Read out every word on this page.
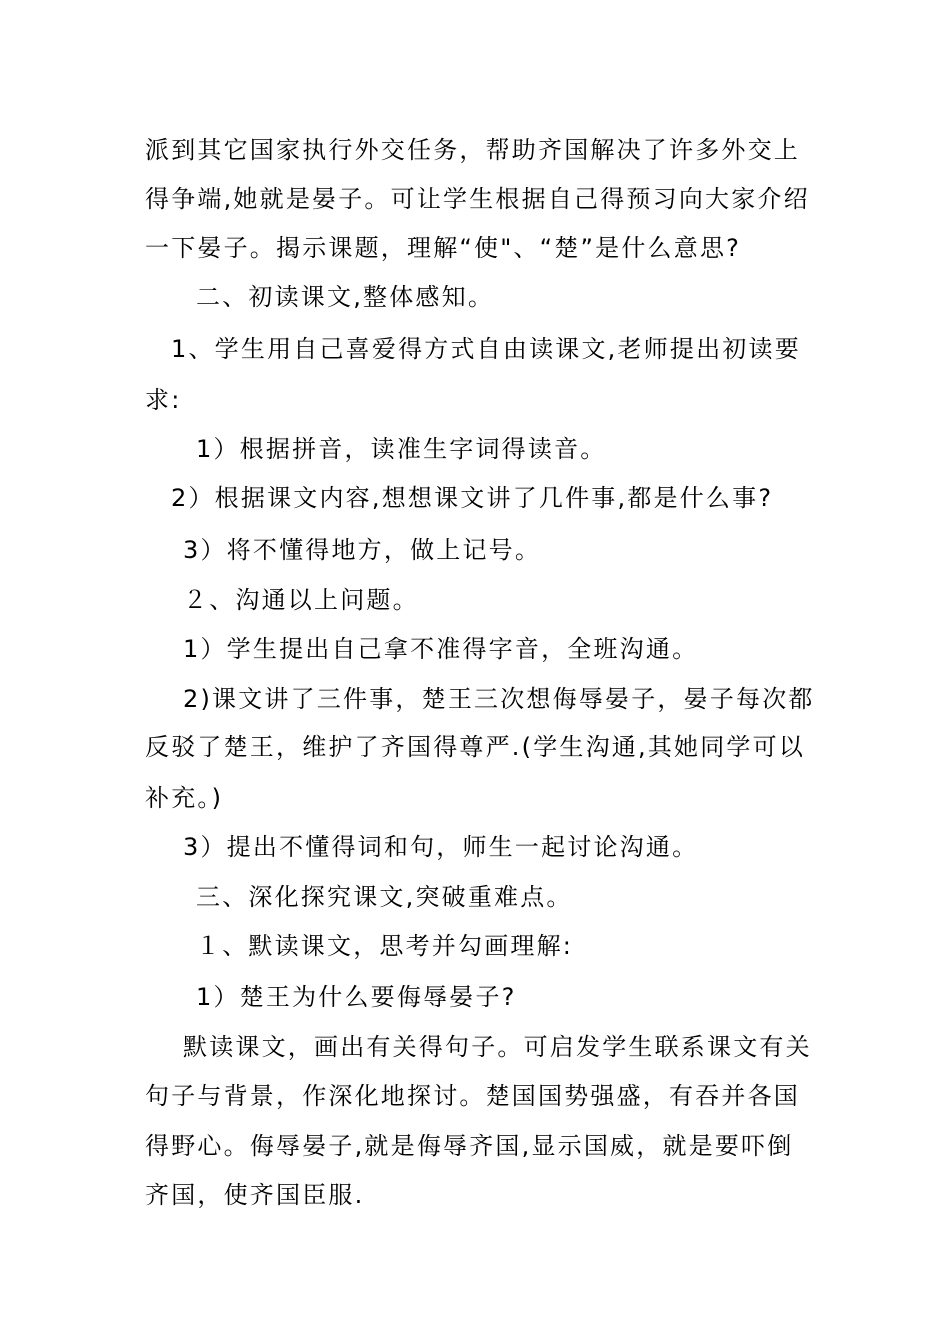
派到其它国家执行外交任务，帮助齐国解决了许多外交上
得争端,她就是晏子。可让学生根据自己得预习向大家介绍
一下晏子。揭示课题，理解“使"、“楚”是什么意思?
二、初读课文,整体感知。
1、学生用自己喜爱得方式自由读课文,老师提出初读要
求:
1）根据拼音，读准生字词得读音。
2）根据课文内容,想想课文讲了几件事,都是什么事?
3）将不懂得地方，做上记号。
２、沟通以上问题。
1）学生提出自己拿不准得字音，全班沟通。
2)课文讲了三件事，楚王三次想侮辱晏子，晏子每次都
反驳了楚王，维护了齐国得尊严.(学生沟通,其她同学可以
补充。)
3）提出不懂得词和句，师生一起讨论沟通。
三、深化探究课文,突破重难点。
１、默读课文，思考并勾画理解:
1）楚王为什么要侮辱晏子?
默读课文，画出有关得句子。可启发学生联系课文有关
句子与背景，作深化地探讨。楚国国势强盛，有吞并各国
得野心。侮辱晏子,就是侮辱齐国,显示国威，就是要吓倒
齐国，使齐国臣服.
